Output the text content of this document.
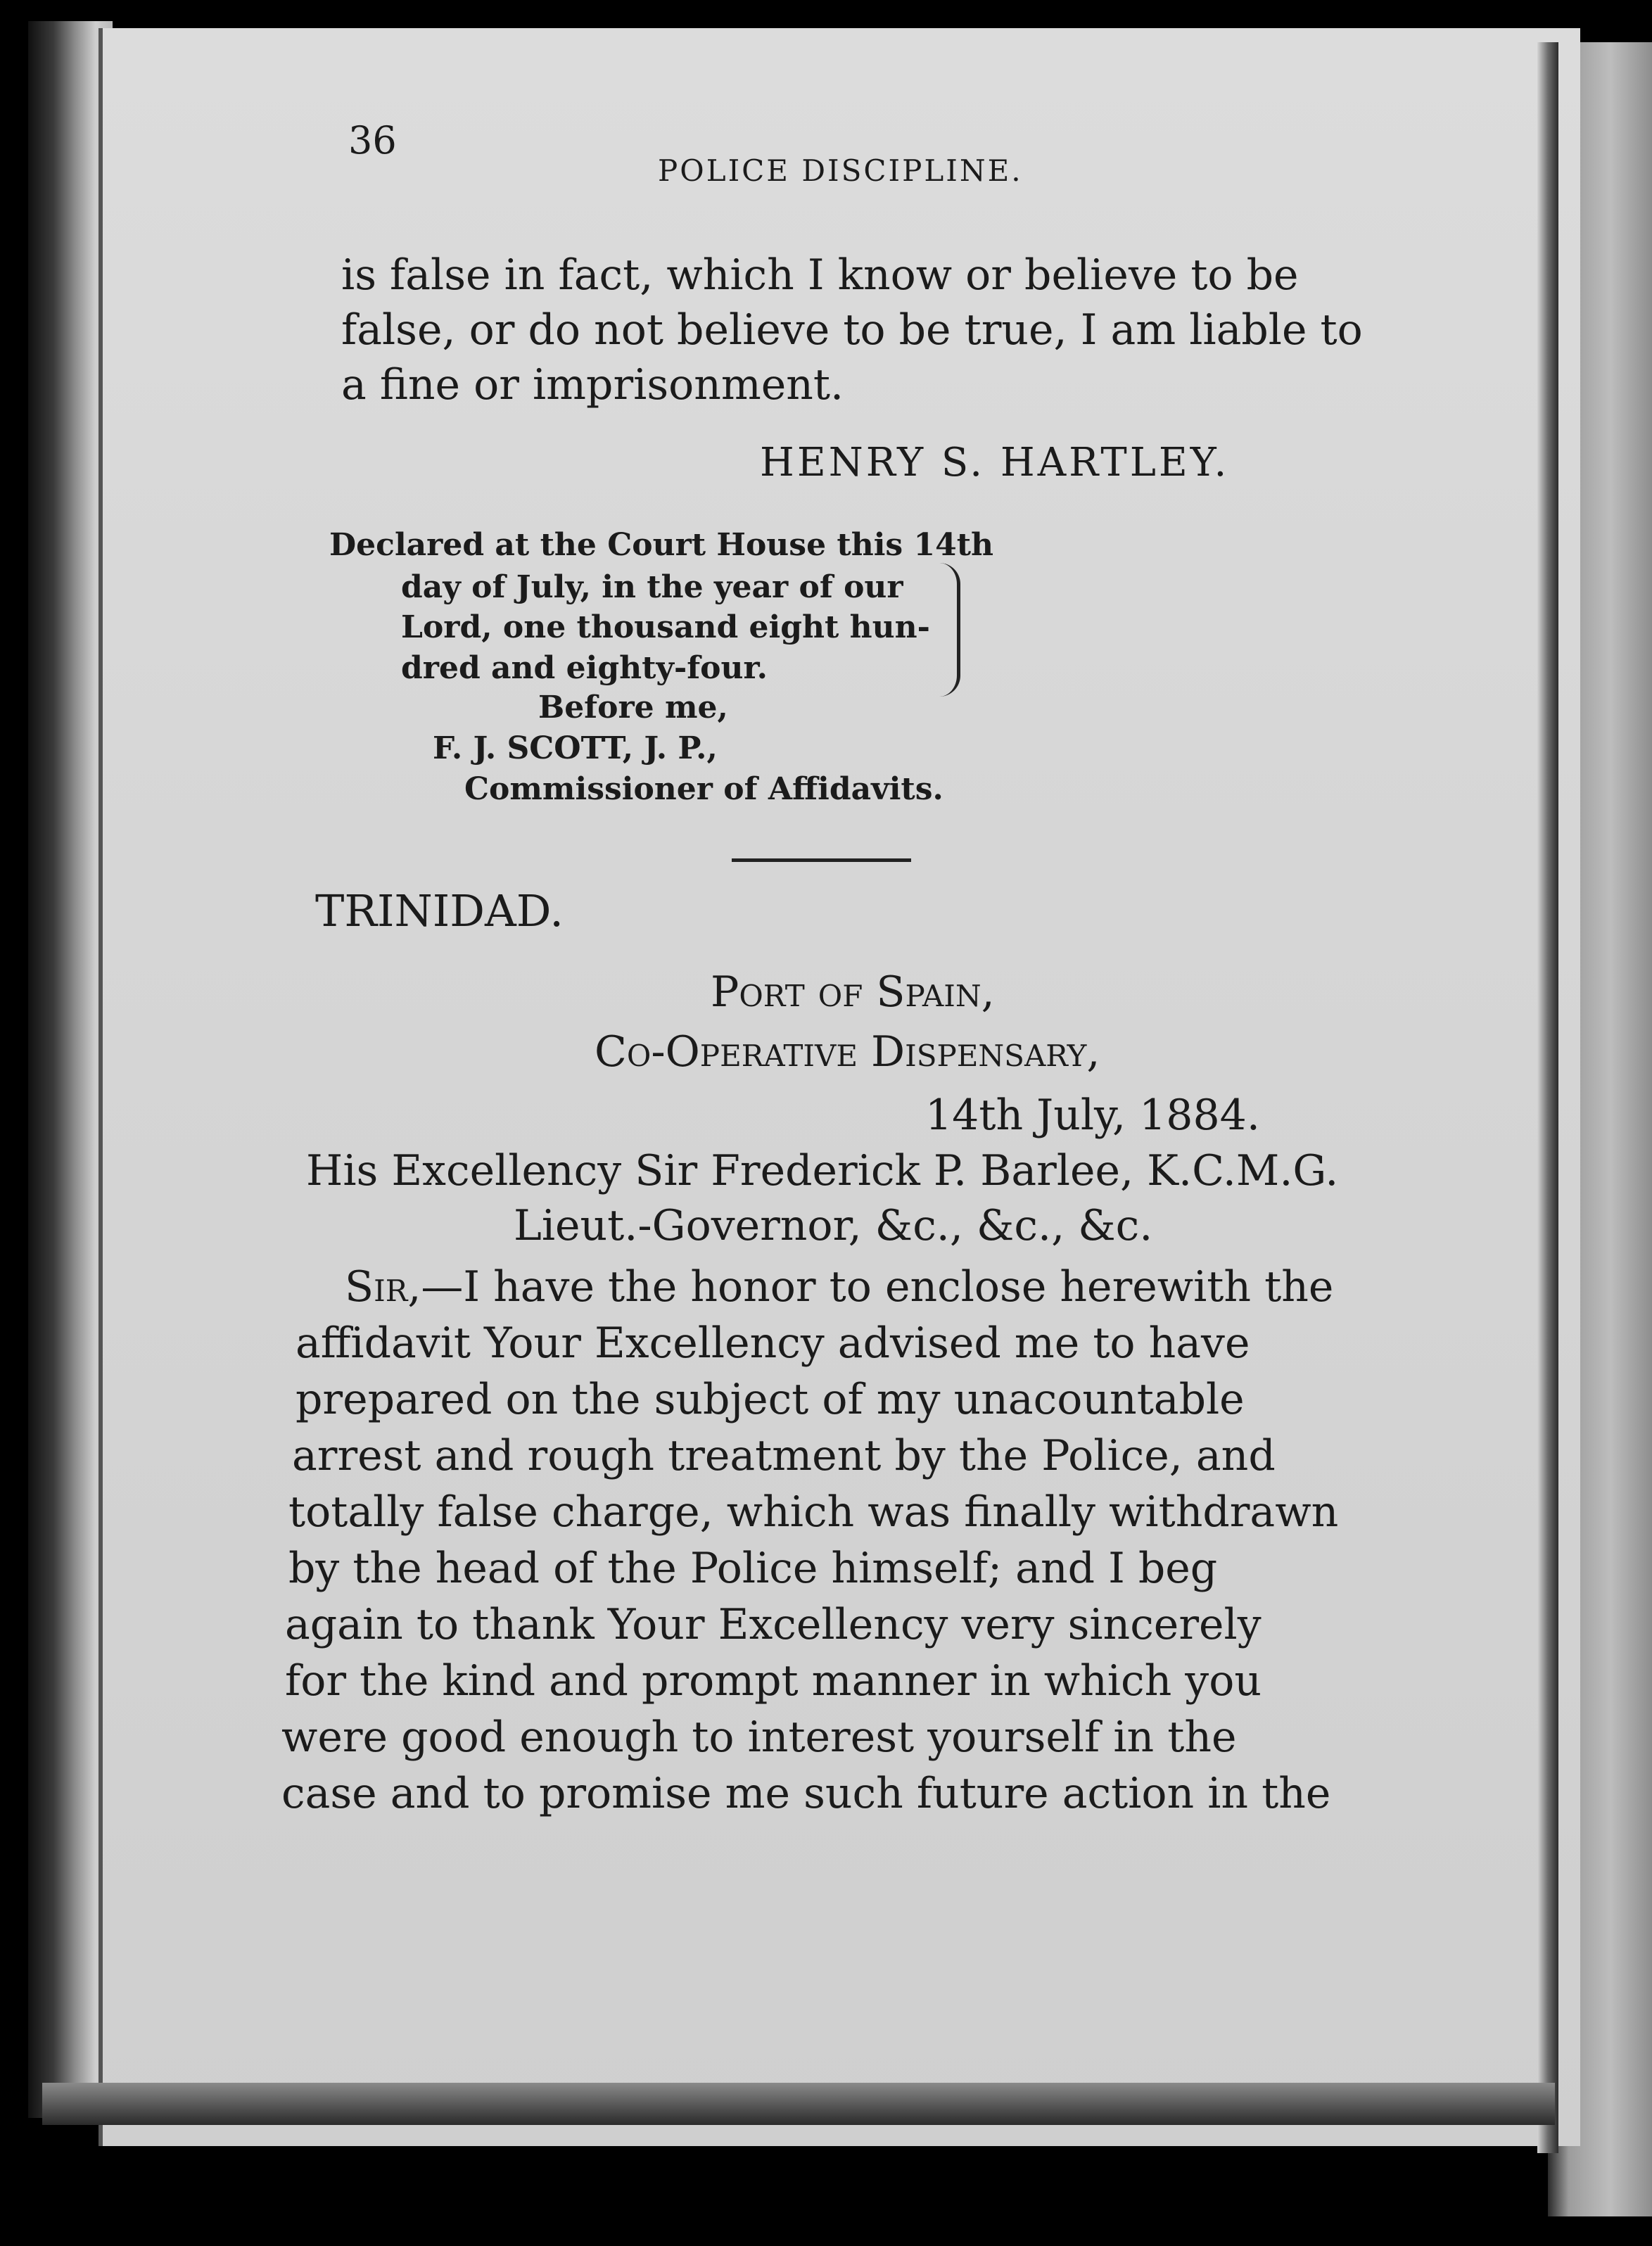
36

POLICE DISCIPLINE.

is false in fact, which I know or believe to be

false, or do not believe to be true, I am liable to

a fine or imprisonment.

HENRY S. HARTLEY.

Declared at the Court House this 14th

day of July, in the year of our

Lord, one thousand eight hun-

dred and eighty-four.

Before me,

F. J. SCOTT, J. P.,

Commissioner of Affidavits.

TRINIDAD.

Port of Spain,

Co-Operative Dispensary,

14th July, 1884.

His Excellency Sir Frederick P. Barlee, K.C.M.G.

Lieut.-Governor, &c., &c., &c.

Sir,—I have the honor to enclose herewith the

affidavit Your Excellency advised me to have

prepared on the subject of my unacountable

arrest and rough treatment by the Police, and

totally false charge, which was finally withdrawn

by the head of the Police himself; and I beg

again to thank Your Excellency very sincerely

for the kind and prompt manner in which you

were good enough to interest yourself in the

case and to promise me such future action in the
